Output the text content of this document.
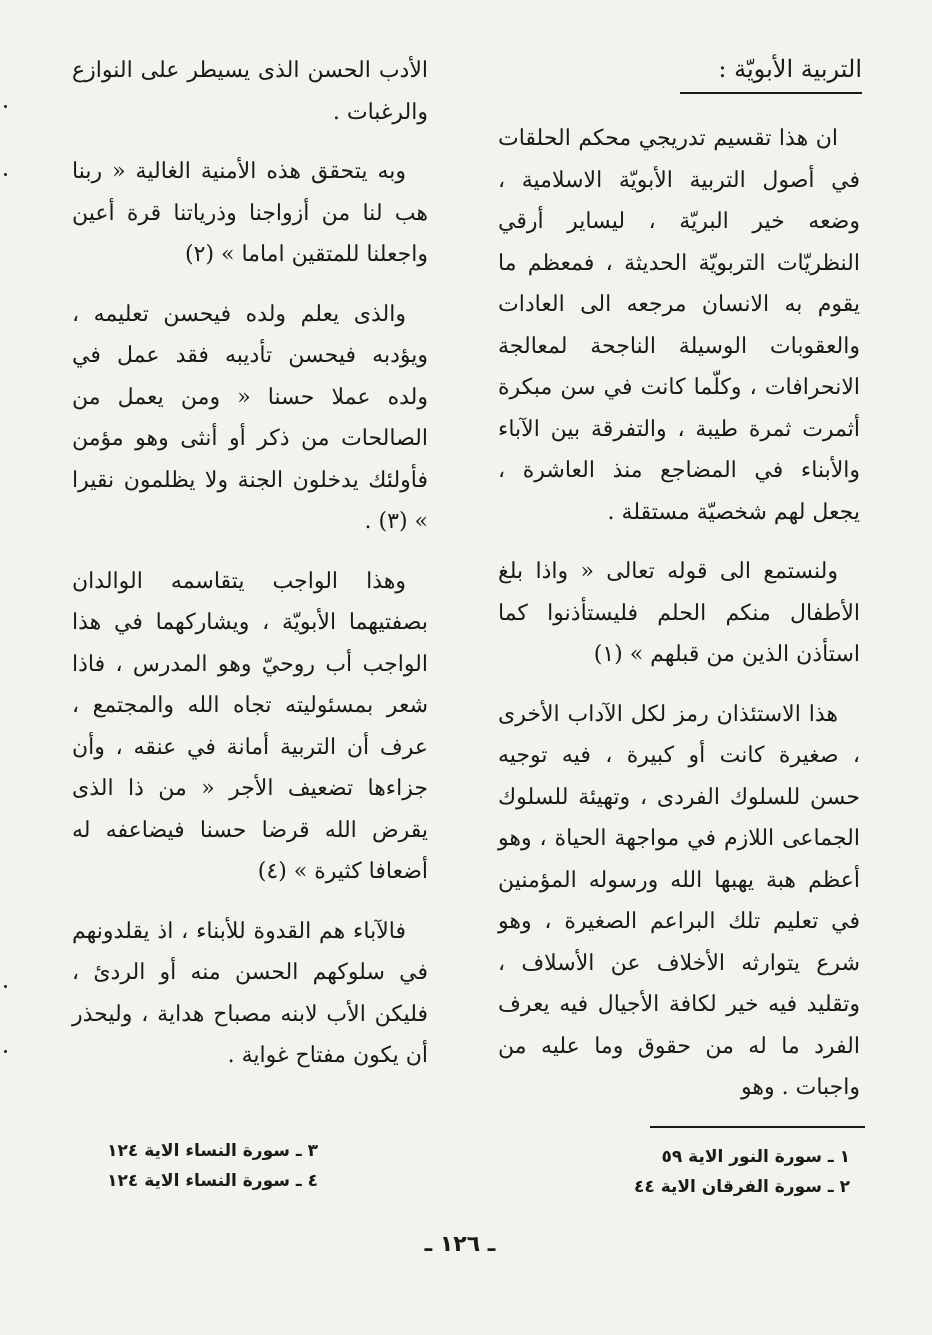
التربية الأبويّة :

ان هذا تقسيم تدريجي محكم الحلقات في أصول التربية الأبويّة الاسلامية ، وضعه خير البريّة ، ليساير أرقي النظريّات التربويّة الحديثة ، فمعظم ما يقوم به الانسان مرجعه الى العادات والعقوبات الوسيلة الناجحة لمعالجة الانحرافات ، وكلّما كانت في سن مبكرة أثمرت ثمرة طيبة ، والتفرقة بين الآباء والأبناء في المضاجع منذ العاشرة ، يجعل لهم شخصيّة مستقلة .

ولنستمع الى قوله تعالى « واذا بلغ الأطفال منكم الحلم فليستأذنوا كما استأذن الذين من قبلهم » (١)

هذا الاستئذان رمز لكل الآداب الأخرى ، صغيرة كانت أو كبيرة ، فيه توجيه حسن للسلوك الفردى ، وتهيئة للسلوك الجماعى اللازم في مواجهة الحياة ، وهو أعظم هبة يهبها الله ورسوله المؤمنين في تعليم تلك البراعم الصغيرة ، وهو شرع يتوارثه الأخلاف عن الأسلاف ، وتقليد فيه خير لكافة الأجيال فيه يعرف الفرد ما له من حقوق وما عليه من واجبات . وهو

الأدب الحسن الذى يسيطر على النوازع والرغبات .

وبه يتحقق هذه الأمنية الغالية « ربنا هب لنا من أزواجنا وذرياتنا قرة أعين واجعلنا للمتقين اماما » (٢)

والذى يعلم ولده فيحسن تعليمه ، ويؤدبه فيحسن تأديبه فقد عمل في ولده عملا حسنا « ومن يعمل من الصالحات من ذكر أو أنثى وهو مؤمن فأولئك يدخلون الجنة ولا يظلمون نقيرا » (٣) .

وهذا الواجب يتقاسمه الوالدان بصفتيهما الأبويّة ، ويشاركهما في هذا الواجب أب روحيّ وهو المدرس ، فاذا شعر بمسئوليته تجاه الله والمجتمع ، عرف أن التربية أمانة في عنقه ، وأن جزاءها تضعيف الأجر « من ذا الذى يقرض الله قرضا حسنا فيضاعفه له أضعافا كثيرة » (٤)

فالآباء هم القدوة للأبناء ، اذ يقلدونهم في سلوكهم الحسن منه أو الردئ ، فليكن الأب لابنه مصباح هداية ، وليحذر أن يكون مفتاح غواية .

١ ـ سورة النور الاية ٥٩
٢ ـ سورة الفرقان الاية ٤٤
٣ ـ سورة النساء الاية ١٢٤
٤ ـ سورة النساء الاية ١٢٤
ـ ١٢٦ ـ
